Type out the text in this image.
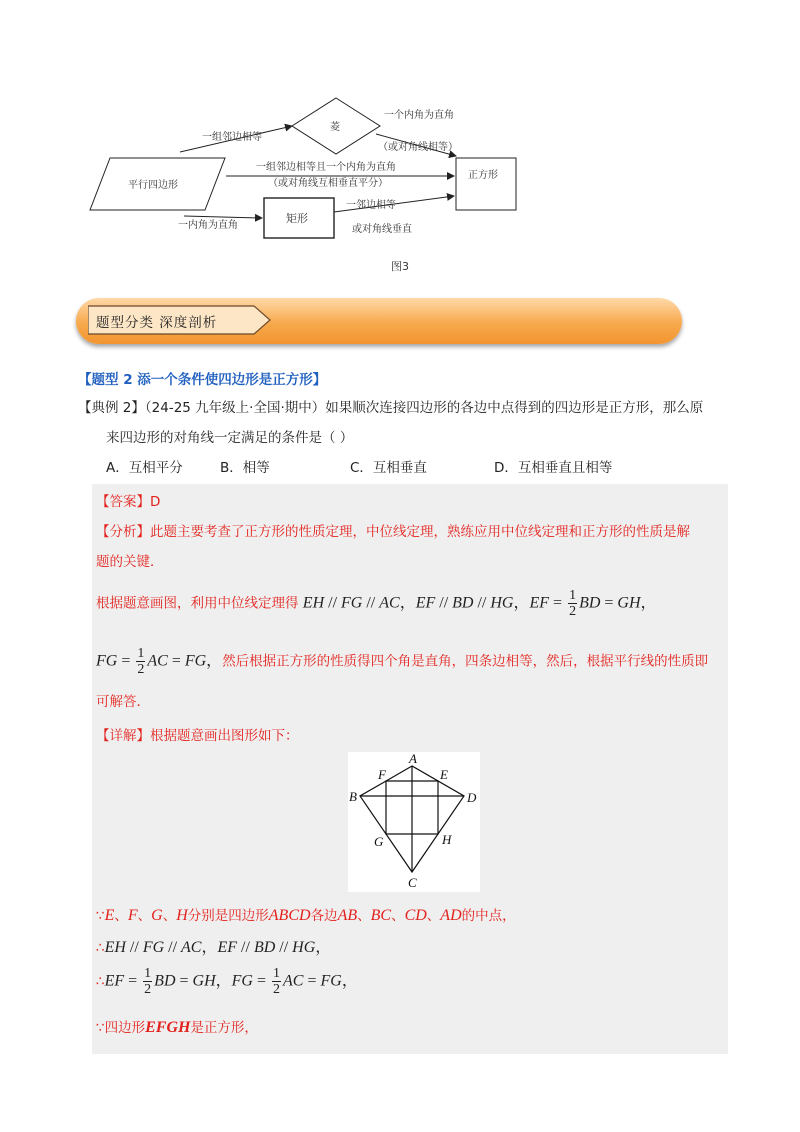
平行四边形
菱
矩形
正方形
一组邻边相等
一个内角为直角
（或对角线相等）
一组邻边相等且一个内角为直角
（或对角线互相垂直平分）
一内角为直角
一邻边相等
或对角线垂直
图3
题型分类 深度剖析
【题型 2 添一个条件使四边形是正方形】
【典例 2】（24-25 九年级上·全国·期中）如果顺次连接四边形的各边中点得到的四边形是正方形，那么原
来四边形的对角线一定满足的条件是（ ）
A．互相平分	B．相等	C．互相垂直	D．互相垂直且相等
【答案】D
【分析】此题主要考查了正方形的性质定理，中位线定理，熟练应用中位线定理和正方形的性质是解
题的关键．
根据题意画图，利用中位线定理得 EH // FG // AC，EF // BD // HG，EF = $\frac{1}{2}$ BD = GH，
FG = $\frac{1}{2}$ AC = FG，然后根据正方形的性质得四个角是直角，四条边相等，然后，根据平行线的性质即
可解答．
【详解】根据题意画出图形如下：
A
B
C
D
E
F
G	H
∵E、F、G、H分别是四边形ABCD各边AB、BC、CD、AD的中点，
∴EH // FG // AC，EF // BD // HG，
∴EF = $\frac{1}{2}$ BD = GH，FG = $\frac{1}{2}$ AC = FG，
∵四边形EFGH是正方形，
